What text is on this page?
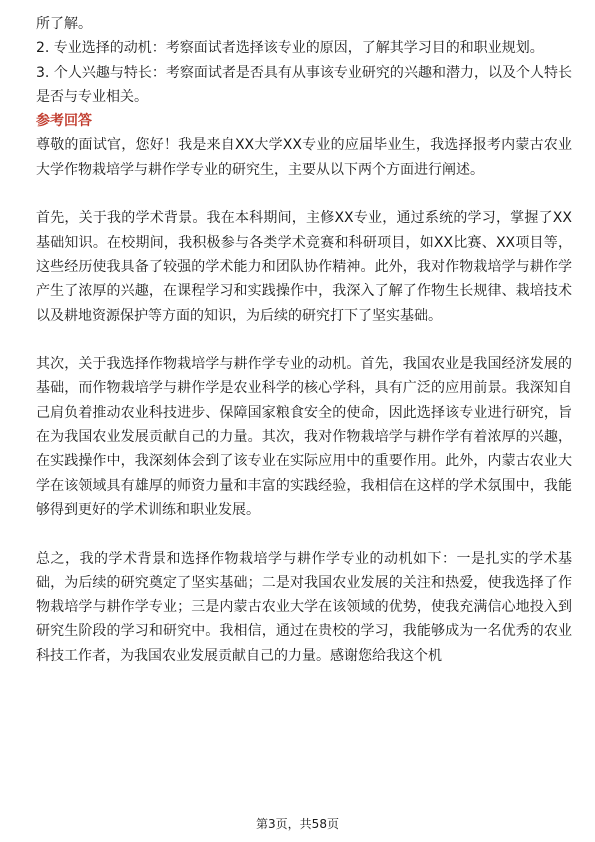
所了解。

2. 专业选择的动机：考察面试者选择该专业的原因，了解其学习目的和职业规划。

3. 个人兴趣与特长：考察面试者是否具有从事该专业研究的兴趣和潜力，以及个人特长是否与专业相关。

参考回答

尊敬的面试官，您好！我是来自XX大学XX专业的应届毕业生，我选择报考内蒙古农业大学作物栽培学与耕作学专业的研究生，主要从以下两个方面进行阐述。

首先，关于我的学术背景。我在本科期间，主修XX专业，通过系统的学习，掌握了XX基础知识。在校期间，我积极参与各类学术竞赛和科研项目，如XX比赛、XX项目等，这些经历使我具备了较强的学术能力和团队协作精神。此外，我对作物栽培学与耕作学产生了浓厚的兴趣，在课程学习和实践操作中，我深入了解了作物生长规律、栽培技术以及耕地资源保护等方面的知识，为后续的研究打下了坚实基础。

其次，关于我选择作物栽培学与耕作学专业的动机。首先，我国农业是我国经济发展的基础，而作物栽培学与耕作学是农业科学的核心学科，具有广泛的应用前景。我深知自己肩负着推动农业科技进步、保障国家粮食安全的使命，因此选择该专业进行研究，旨在为我国农业发展贡献自己的力量。其次，我对作物栽培学与耕作学有着浓厚的兴趣，在实践操作中，我深刻体会到了该专业在实际应用中的重要作用。此外，内蒙古农业大学在该领域具有雄厚的师资力量和丰富的实践经验，我相信在这样的学术氛围中，我能够得到更好的学术训练和职业发展。

总之，我的学术背景和选择作物栽培学与耕作学专业的动机如下：一是扎实的学术基础，为后续的研究奠定了坚实基础；二是对我国农业发展的关注和热爱，使我选择了作物栽培学与耕作学专业；三是内蒙古农业大学在该领域的优势，使我充满信心地投入到研究生阶段的学习和研究中。我相信，通过在贵校的学习，我能够成为一名优秀的农业科技工作者，为我国农业发展贡献自己的力量。感谢您给我这个机

第3页，共58页
